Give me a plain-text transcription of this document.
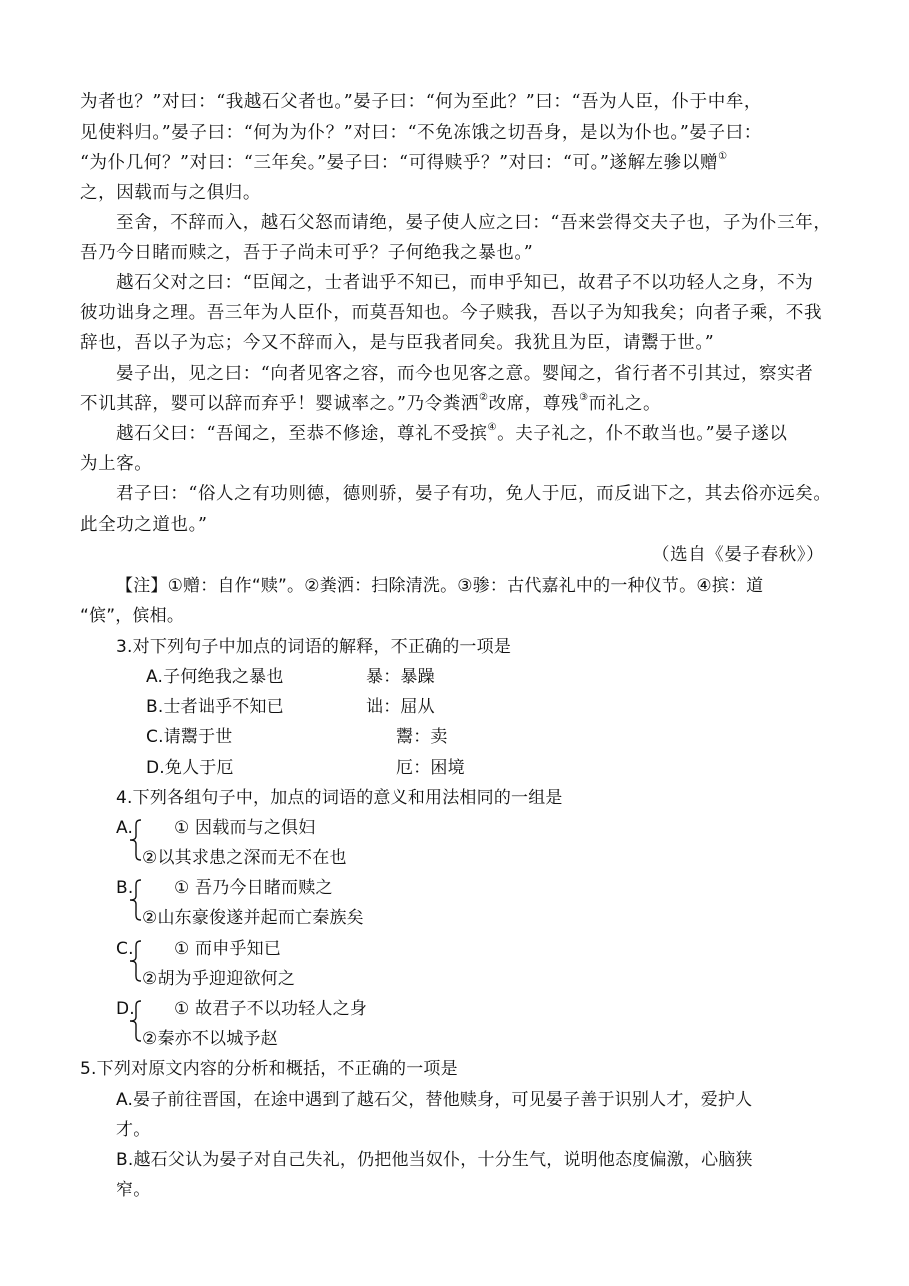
为者也？”对曰：“我越石父者也。”晏子曰：“何为至此？”曰：“吾为人臣，仆于中牟，
见使料归。”晏子曰：“何为为仆？”对曰：“不免冻饿之切吾身，是以为仆也。”晏子曰：
“为仆几何？”对曰：“三年矣。”晏子曰：“可得赎乎？”对曰：“可。”遂解左骖以赠①
之，因载而与之俱归。
至舍，不辞而入，越石父怒而请绝，晏子使人应之曰：“吾来尝得交夫子也，子为仆三年，
吾乃今日睹而赎之，吾于子尚未可乎？子何绝我之暴也。”
越石父对之曰：“臣闻之，士者诎乎不知已，而申乎知已，故君子不以功轻人之身，不为
彼功诎身之理。吾三年为人臣仆，而莫吾知也。今子赎我，吾以子为知我矣；向者子乘，不我
辞也，吾以子为忘；今又不辞而入，是与臣我者同矣。我犹且为臣，请鬻于世。”
晏子出，见之曰：“向者见客之容，而今也见客之意。婴闻之，省行者不引其过，察实者
不讥其辞，婴可以辞而弃乎！婴诚率之。”乃令粪洒②改席，尊残③而礼之。
越石父曰：“吾闻之，至恭不修途，尊礼不受摈④。夫子礼之，仆不敢当也。”晏子遂以
为上客。
君子曰：“俗人之有功则德，德则骄，晏子有功，免人于厄，而反诎下之，其去俗亦远矣。
此全功之道也。”
（选自《晏子春秋》）
【注】①赠：自作“赎”。②粪洒：扫除清洗。③骖：古代嘉礼中的一种仪节。④摈：道
“傧”，傧相。
3.对下列句子中加点的词语的解释，不正确的一项是
A.子何绝我之暴也	暴：暴躁
B.士者诎乎不知已	诎：屈从
C.请鬻于世	鬻：卖
D.免人于厄	厄：困境
4.下列各组句子中，加点的词语的意义和用法相同的一组是
A. ① 因载而与之俱妇
②以其求患之深而无不在也
B. ① 吾乃今日睹而赎之
②山东豪俊遂并起而亡秦族矣
C. ① 而申乎知已
②胡为乎迎迎欲何之
D. ① 故君子不以功轻人之身
②秦亦不以城予赵
5.下列对原文内容的分析和概括，不正确的一项是
A.晏子前往晋国，在途中遇到了越石父，替他赎身，可见晏子善于识别人才，爱护人
才。
B.越石父认为晏子对自己失礼，仍把他当奴仆，十分生气，说明他态度偏激，心脑狭
窄。
